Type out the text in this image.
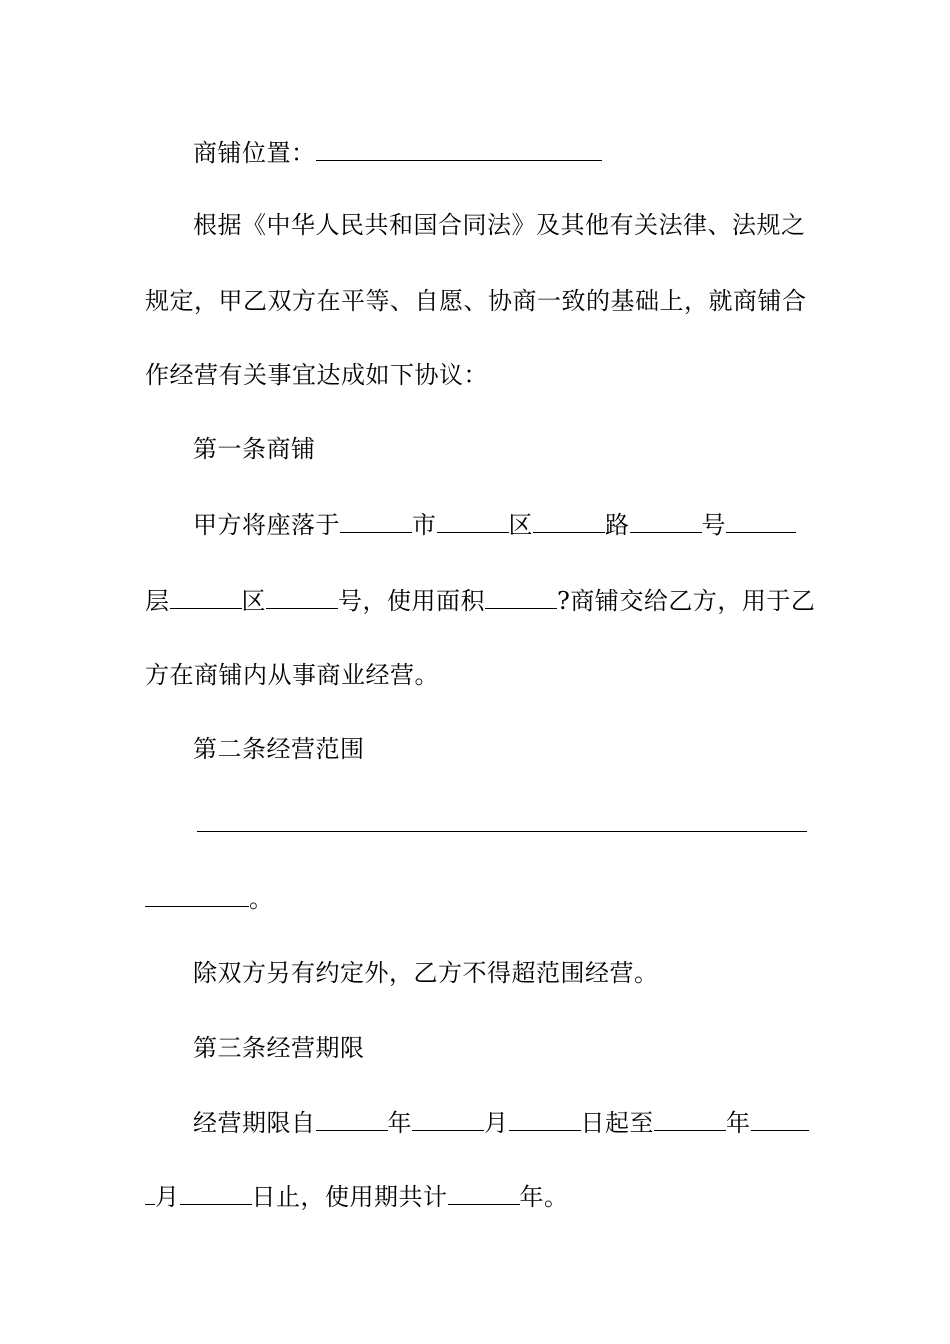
商铺位置：
根据《中华人民共和国合同法》及其他有关法律、法规之
规定，甲乙双方在平等、自愿、协商一致的基础上，就商铺合
作经营有关事宜达成如下协议：
第一条商铺
甲方将座落于	市	区	路	号
层	区	号，使用面积	?商铺交给乙方，用于乙
方在商铺内从事商业经营。
第二条经营范围
。
除双方另有约定外，乙方不得超范围经营。
第三条经营期限
经营期限自	年	月	日起至	年
月	日止，使用期共计	年。
